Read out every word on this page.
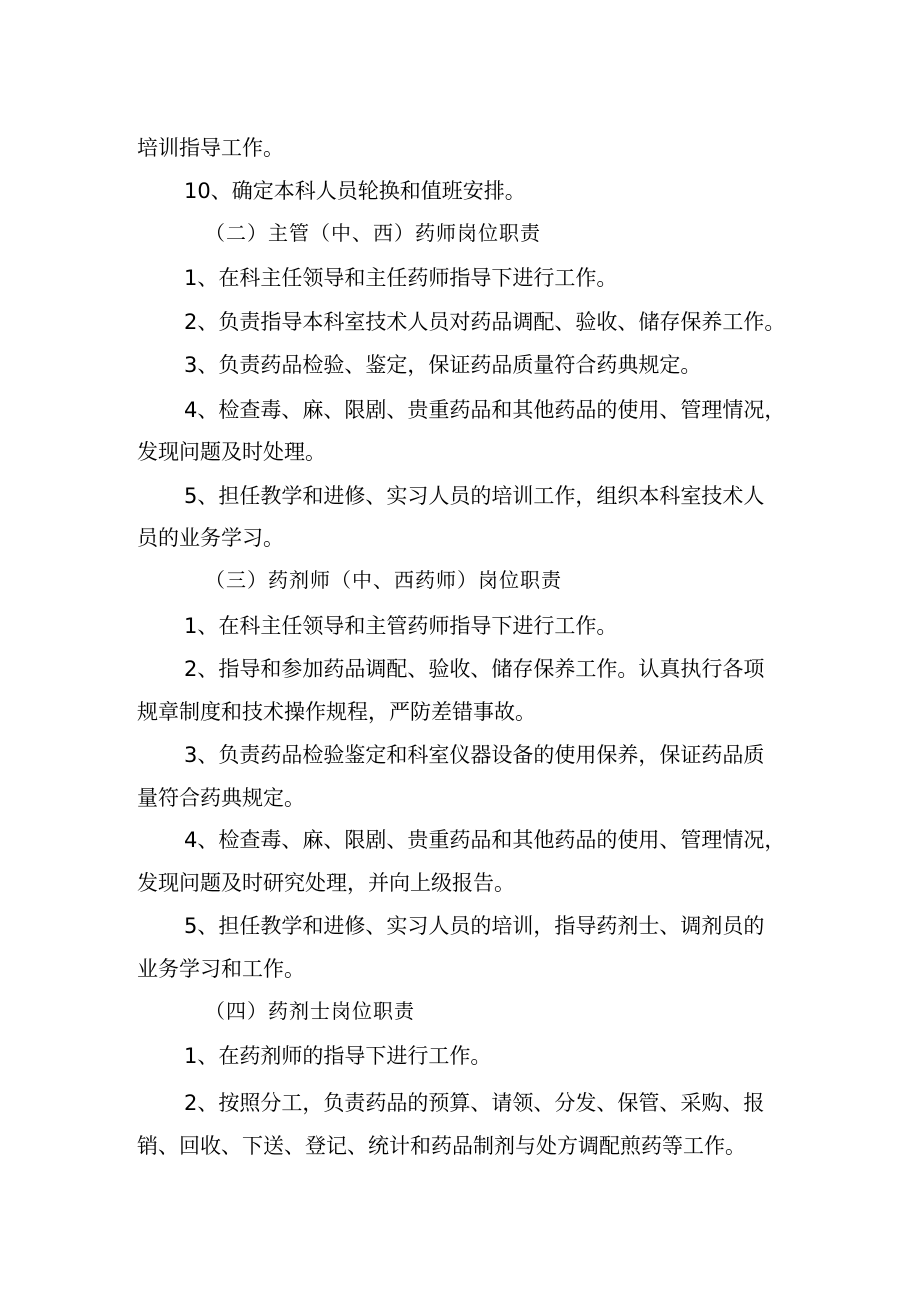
培训指导工作。
10、确定本科人员轮换和值班安排。
（二）主管（中、西）药师岗位职责
1、在科主任领导和主任药师指导下进行工作。
2、负责指导本科室技术人员对药品调配、验收、储存保养工作。
3、负责药品检验、鉴定，保证药品质量符合药典规定。
4、检查毒、麻、限剧、贵重药品和其他药品的使用、管理情况，
发现问题及时处理。
5、担任教学和进修、实习人员的培训工作，组织本科室技术人
员的业务学习。
（三）药剂师（中、西药师）岗位职责
1、在科主任领导和主管药师指导下进行工作。
2、指导和参加药品调配、验收、储存保养工作。认真执行各项
规章制度和技术操作规程，严防差错事故。
3、负责药品检验鉴定和科室仪器设备的使用保养，保证药品质
量符合药典规定。
4、检查毒、麻、限剧、贵重药品和其他药品的使用、管理情况，
发现问题及时研究处理，并向上级报告。
5、担任教学和进修、实习人员的培训，指导药剂士、调剂员的
业务学习和工作。
（四）药剂士岗位职责
1、在药剂师的指导下进行工作。
2、按照分工，负责药品的预算、请领、分发、保管、采购、报
销、回收、下送、登记、统计和药品制剂与处方调配煎药等工作。
